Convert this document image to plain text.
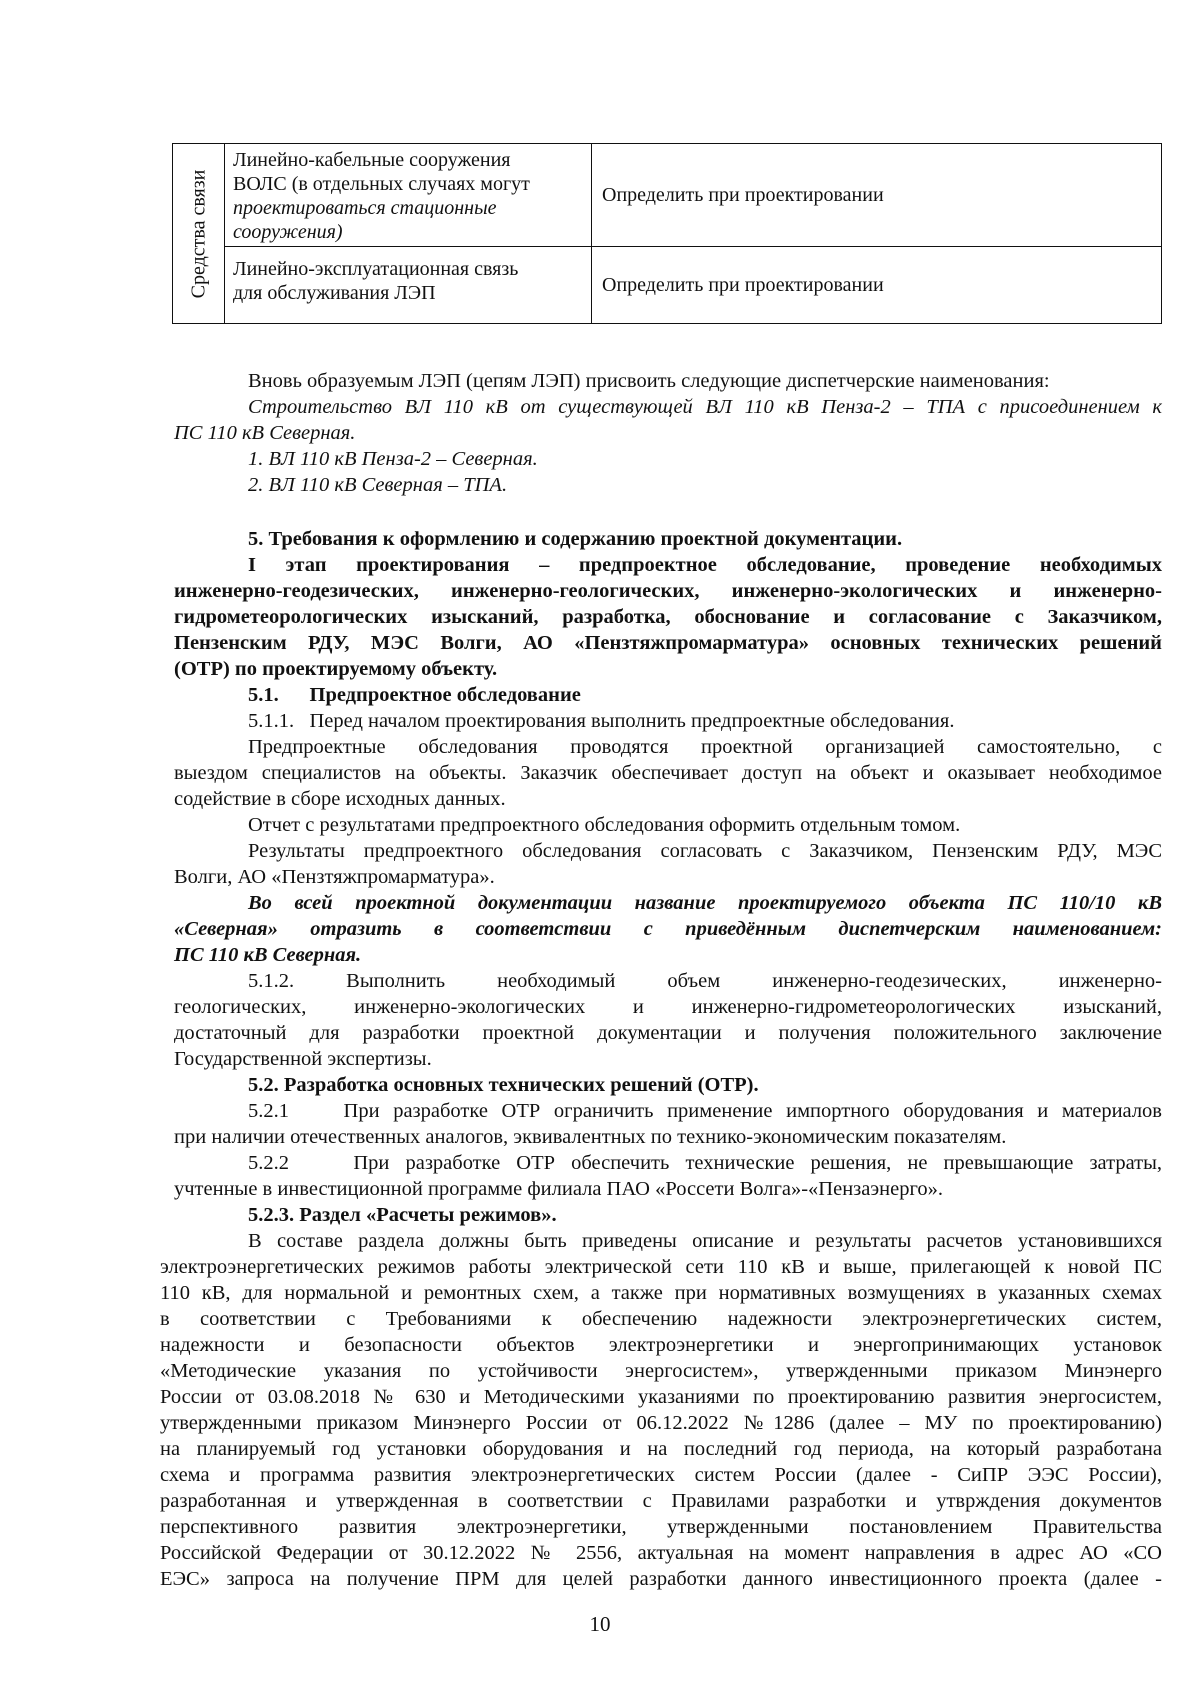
Средства связи
Линейно-кабельные сооружения
ВОЛС (в отдельных случаях могут
проектироваться стационные
сооружения)
Определить при проектировании
Линейно-эксплуатационная связь
для обслуживания ЛЭП	Определить при проектировании
Вновь образуемым ЛЭП (цепям ЛЭП) присвоить следующие диспетчерские наименования:
Строительство ВЛ 110 кВ от существующей ВЛ 110 кВ Пенза-2 – ТПА с присоединением к
ПС 110 кВ Северная.
1. ВЛ 110 кВ Пенза-2 – Северная.
2. ВЛ 110 кВ Северная – ТПА.
5. Требования к оформлению и содержанию проектной документации.
I этап проектирования – предпроектное обследование, проведение необходимых
инженерно-геодезических, инженерно-геологических, инженерно-экологических и инженерно-
гидрометеорологических изысканий, разработка, обоснование и согласование с Заказчиком,
Пензенским РДУ, МЭС Волги, АО «Пензтяжпромарматура» основных технических решений
(ОТР) по проектируемому объекту.
5.1.      Предпроектное обследование
5.1.1.   Перед началом проектирования выполнить предпроектные обследования.
Предпроектные обследования проводятся проектной организацией самостоятельно, с
выездом специалистов на объекты. Заказчик обеспечивает доступ на объект и оказывает необходимое
содействие в сборе исходных данных.
Отчет с результатами предпроектного обследования оформить отдельным томом.
Результаты предпроектного обследования согласовать с Заказчиком, Пензенским РДУ, МЭС
Волги, АО «Пензтяжпромарматура».
Во всей проектной документации название проектируемого объекта ПС 110/10 кВ
«Северная» отразить в соответствии с приведённым диспетчерским наименованием:
ПС 110 кВ Северная.
5.1.2. Выполнить необходимый объем инженерно-геодезических, инженерно-
геологических, инженерно-экологических и инженерно-гидрометеорологических изысканий,
достаточный для разработки проектной документации и получения положительного заключение
Государственной экспертизы.
5.2. Разработка основных технических решений (ОТР).
5.2.1    При разработке ОТР ограничить применение импортного оборудования и материалов
при наличии отечественных аналогов, эквивалентных по технико-экономическим показателям.
5.2.2    При разработке ОТР обеспечить технические решения, не превышающие затраты,
учтенные в инвестиционной программе филиала ПАО «Россети Волга»-«Пензаэнерго».
5.2.3. Раздел «Расчеты режимов».
В составе раздела должны быть приведены описание и результаты расчетов установившихся
электроэнергетических режимов работы электрической сети 110 кВ и выше, прилегающей к новой ПС
110 кВ, для нормальной и ремонтных схем, а также при нормативных возмущениях в указанных схемах
в соответствии с Требованиями к обеспечению надежности электроэнергетических систем,
надежности и безопасности объектов электроэнергетики и энергопринимающих установок
«Методические указания по устойчивости энергосистем», утвержденными приказом Минэнерго
России от 03.08.2018 № 630 и Методическими указаниями по проектированию развития энергосистем,
утвержденными приказом Минэнерго России от 06.12.2022 №1286 (далее – МУ по проектированию)
на планируемый год установки оборудования и на последний год периода, на который разработана
схема и программа развития электроэнергетических систем России (далее - СиПР ЭЭС России),
разработанная и утвержденная в соответствии с Правилами разработки и утврждения документов
перспективного развития электроэнергетики, утвержденными постановлением Правительства
Российской Федерации от 30.12.2022 № 2556, актуальная на момент направления в адрес АО «СО
ЕЭС» запроса на получение ПРМ для целей разработки данного инвестиционного проекта (далее -
10
